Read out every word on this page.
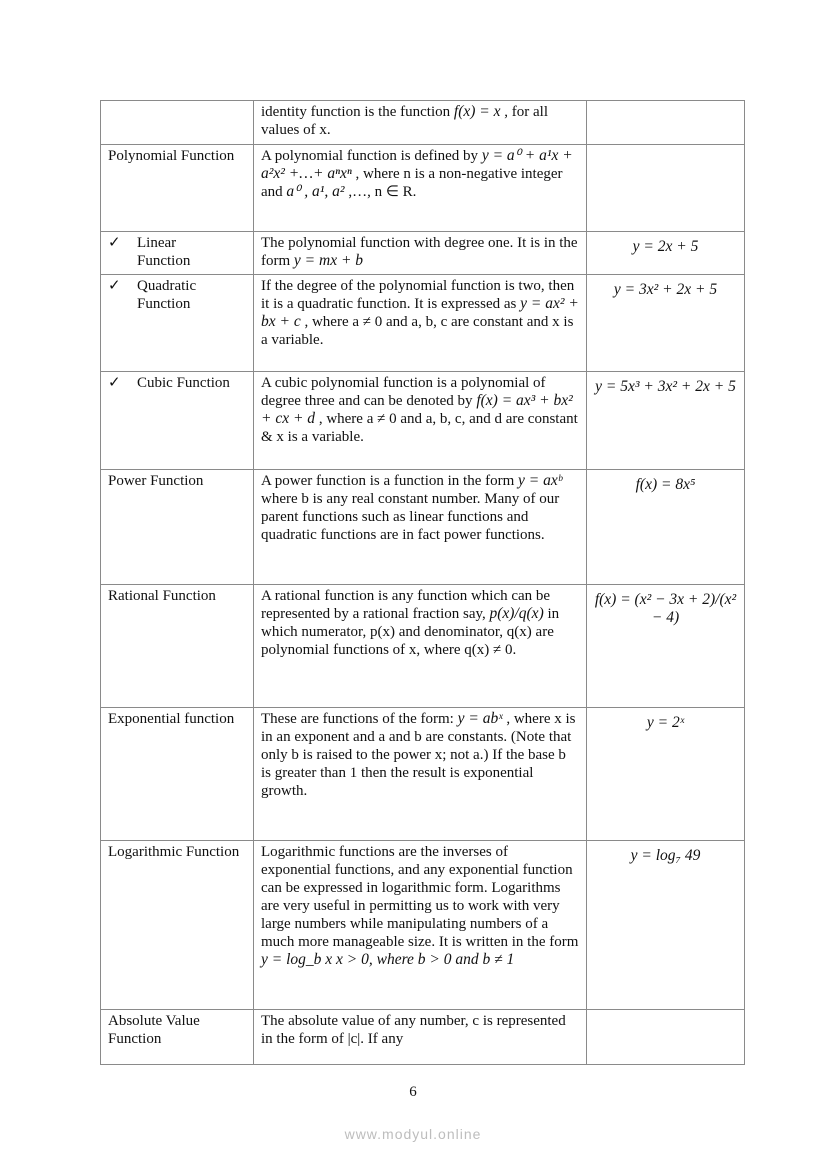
	identity function is the function f(x) = x , for all values of x.	
Polynomial Function	A polynomial function is defined by y = a⁰ + a¹x + a²x² +…+ aⁿxⁿ , where n is a non-negative integer and a⁰ , a¹, a² ,…, n ∈ R.	
✓ Linear Function	The polynomial function with degree one. It is in the form y = mx + b	y = 2x + 5
✓ Quadratic Function	If the degree of the polynomial function is two, then it is a quadratic function. It is expressed as y = ax² + bx + c , where a ≠ 0 and a, b, c are constant and x is a variable.	y = 3x² + 2x + 5
✓ Cubic Function	A cubic polynomial function is a polynomial of degree three and can be denoted by f(x) = ax³ + bx² + cx + d , where a ≠ 0 and a, b, c, and d are constant & x is a variable.	y = 5x³ + 3x² + 2x + 5
Power Function	A power function is a function in the form y = axᵇ where b is any real constant number. Many of our parent functions such as linear functions and quadratic functions are in fact power functions.	f(x) = 8x⁵
Rational Function	A rational function is any function which can be represented by a rational fraction say, p(x)/q(x) in which numerator, p(x) and denominator, q(x) are polynomial functions of x, where q(x) ≠ 0.	f(x) = (x² − 3x + 2)/(x² − 4)
Exponential function	These are functions of the form: y = abˣ , where x is in an exponent and a and b are constants. (Note that only b is raised to the power x; not a.) If the base b is greater than 1 then the result is exponential growth.	y = 2ˣ
Logarithmic Function	Logarithmic functions are the inverses of exponential functions, and any exponential function can be expressed in logarithmic form. Logarithms are very useful in permitting us to work with very large numbers while manipulating numbers of a much more manageable size. It is written in the form y = log_b x x > 0, where b > 0 and b ≠ 1	y = log₇ 49
Absolute Value Function	The absolute value of any number, c is represented in the form of |c|. If any	
6
www.modyul.online
